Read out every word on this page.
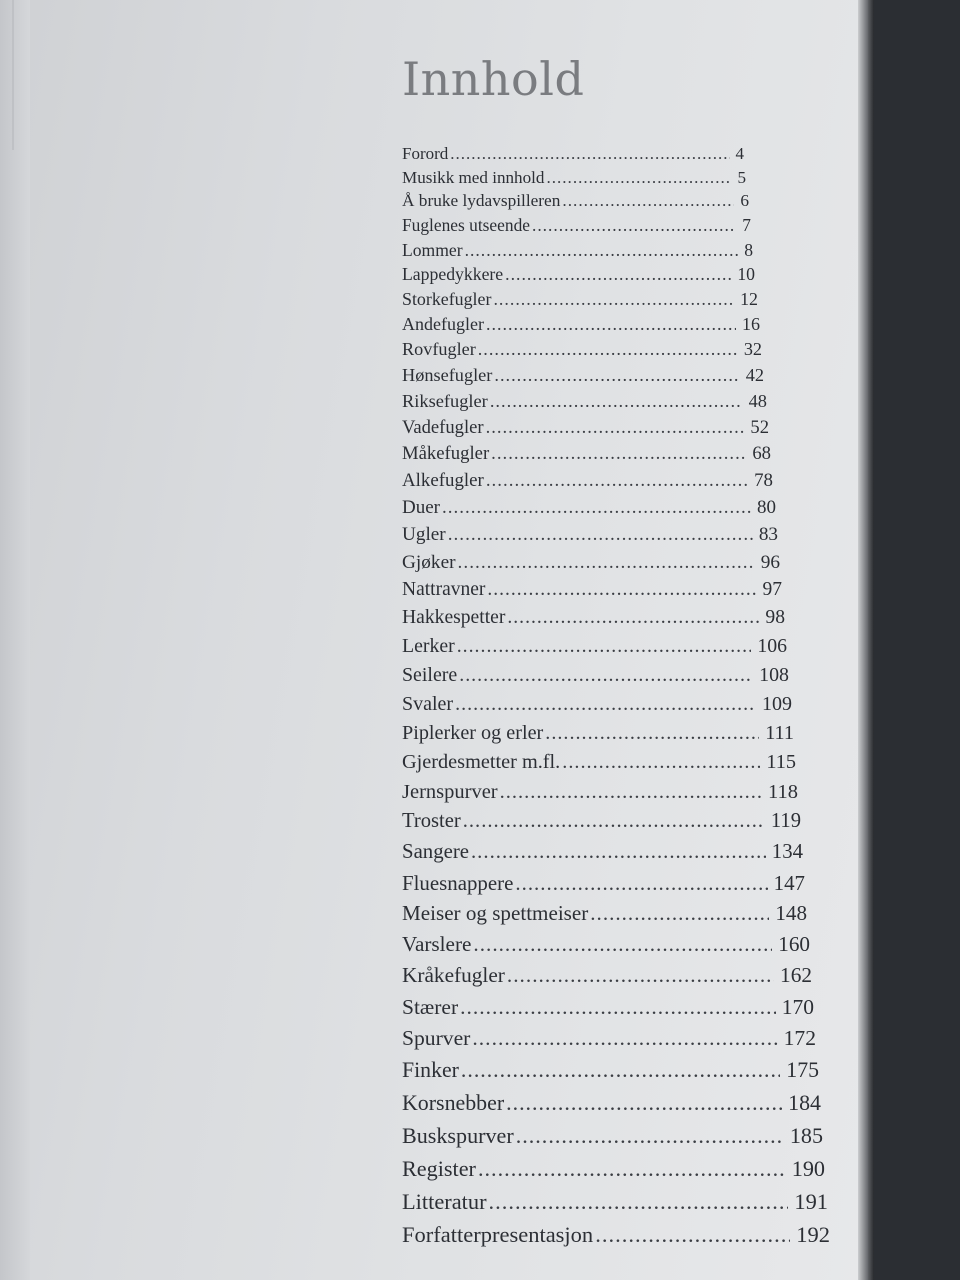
Innhold
Forord .....	4
Musikk med innhold .....	5
Å bruke lydavspilleren .....	6
Fuglenes utseende .....	7
Lommer .....	8
Lappedykkere .....	10
Storkefugler .....	12
Andefugler .....	16
Rovfugler .....	32
Hønsefugler .....	42
Riksefugler .....	48
Vadefugler .....	52
Måkefugler .....	68
Alkefugler .....	78
Duer .....	80
Ugler .....	83
Gjøker .....	96
Nattravner .....	97
Hakkespetter .....	98
Lerker .....	106
Seilere .....	108
Svaler .....	109
Piplerker og erler .....	111
Gjerdesmetter m.fl. .....	115
Jernspurver .....	118
Troster .....	119
Sangere .....	134
Fluesnappere .....	147
Meiser og spettmeiser .....	148
Varslere .....	160
Kråkefugler .....	162
Stærer .....	170
Spurver .....	172
Finker .....	175
Korsnebber .....	184
Buskspurver .....	185
Register .....	190
Litteratur .....	191
Forfatterpresentasjon .....	192
